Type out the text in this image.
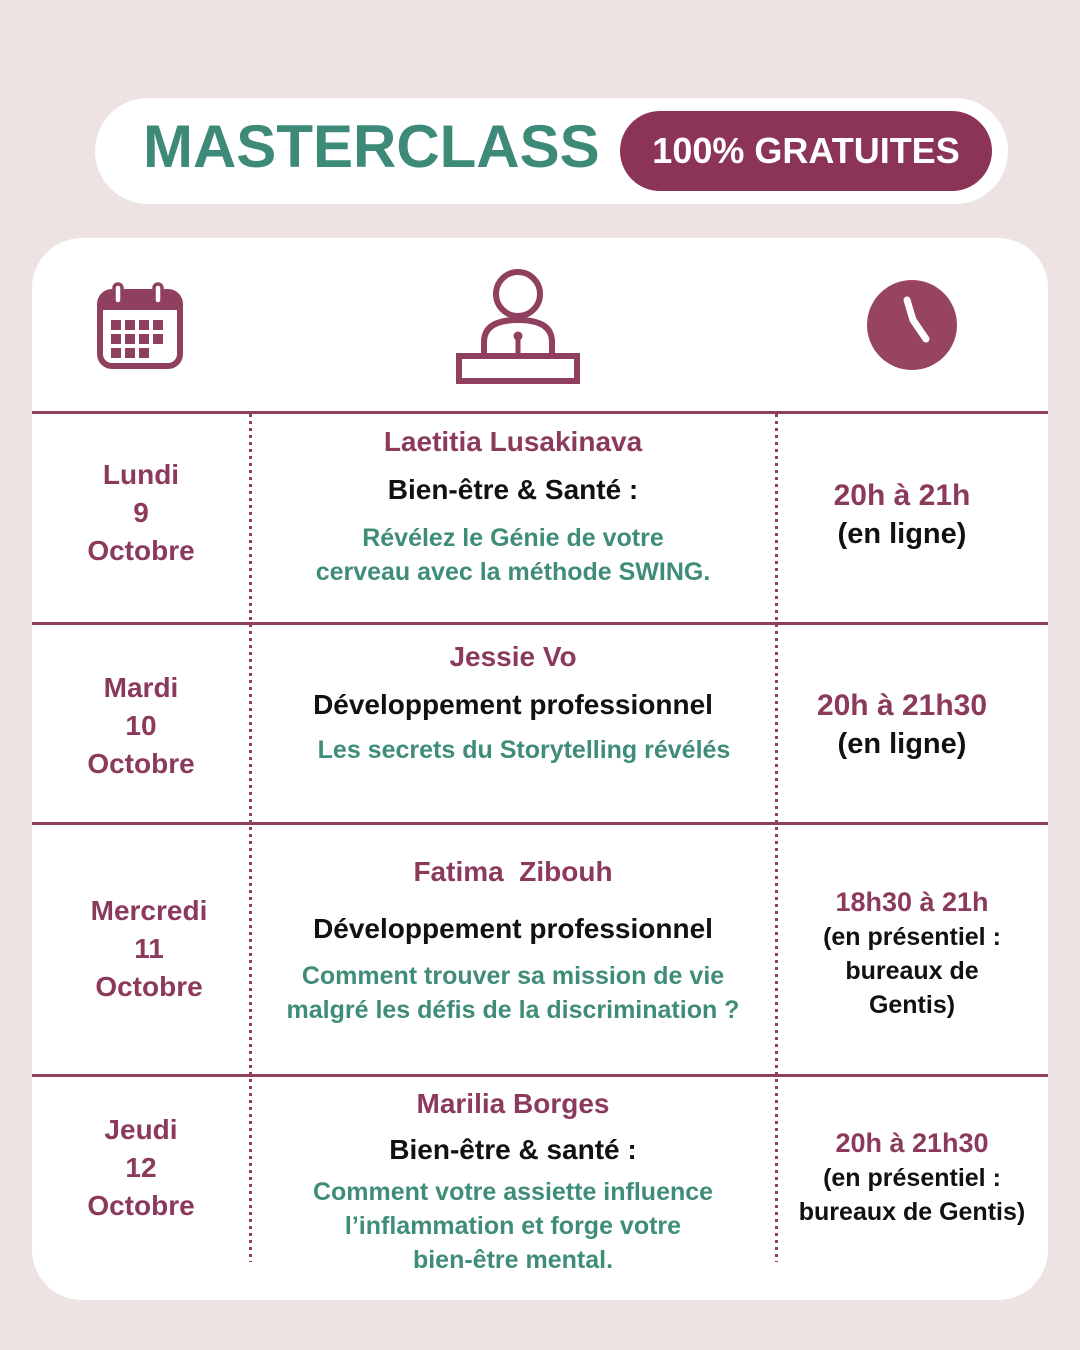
MASTERCLASS 100% GRATUITES
Lundi
9
Octobre
Laetitia Lusakinava
Bien-être & Santé :
Révélez le Génie de votre
cerveau avec la méthode SWING.
20h à 21h
(en ligne)
Mardi
10
Octobre
Jessie Vo
Développement professionnel
Les secrets du Storytelling révélés
20h à 21h30
(en ligne)
Mercredi
11
Octobre
Fatima  Zibouh
Développement professionnel
Comment trouver sa mission de vie
malgré les défis de la discrimination ?
18h30 à 21h
(en présentiel :
bureaux de
Gentis)
Jeudi
12
Octobre
Marilia Borges
Bien-être & santé :
Comment votre assiette influence
l’inflammation et forge votre
bien-être mental.
20h à 21h30
(en présentiel :
bureaux de Gentis)
